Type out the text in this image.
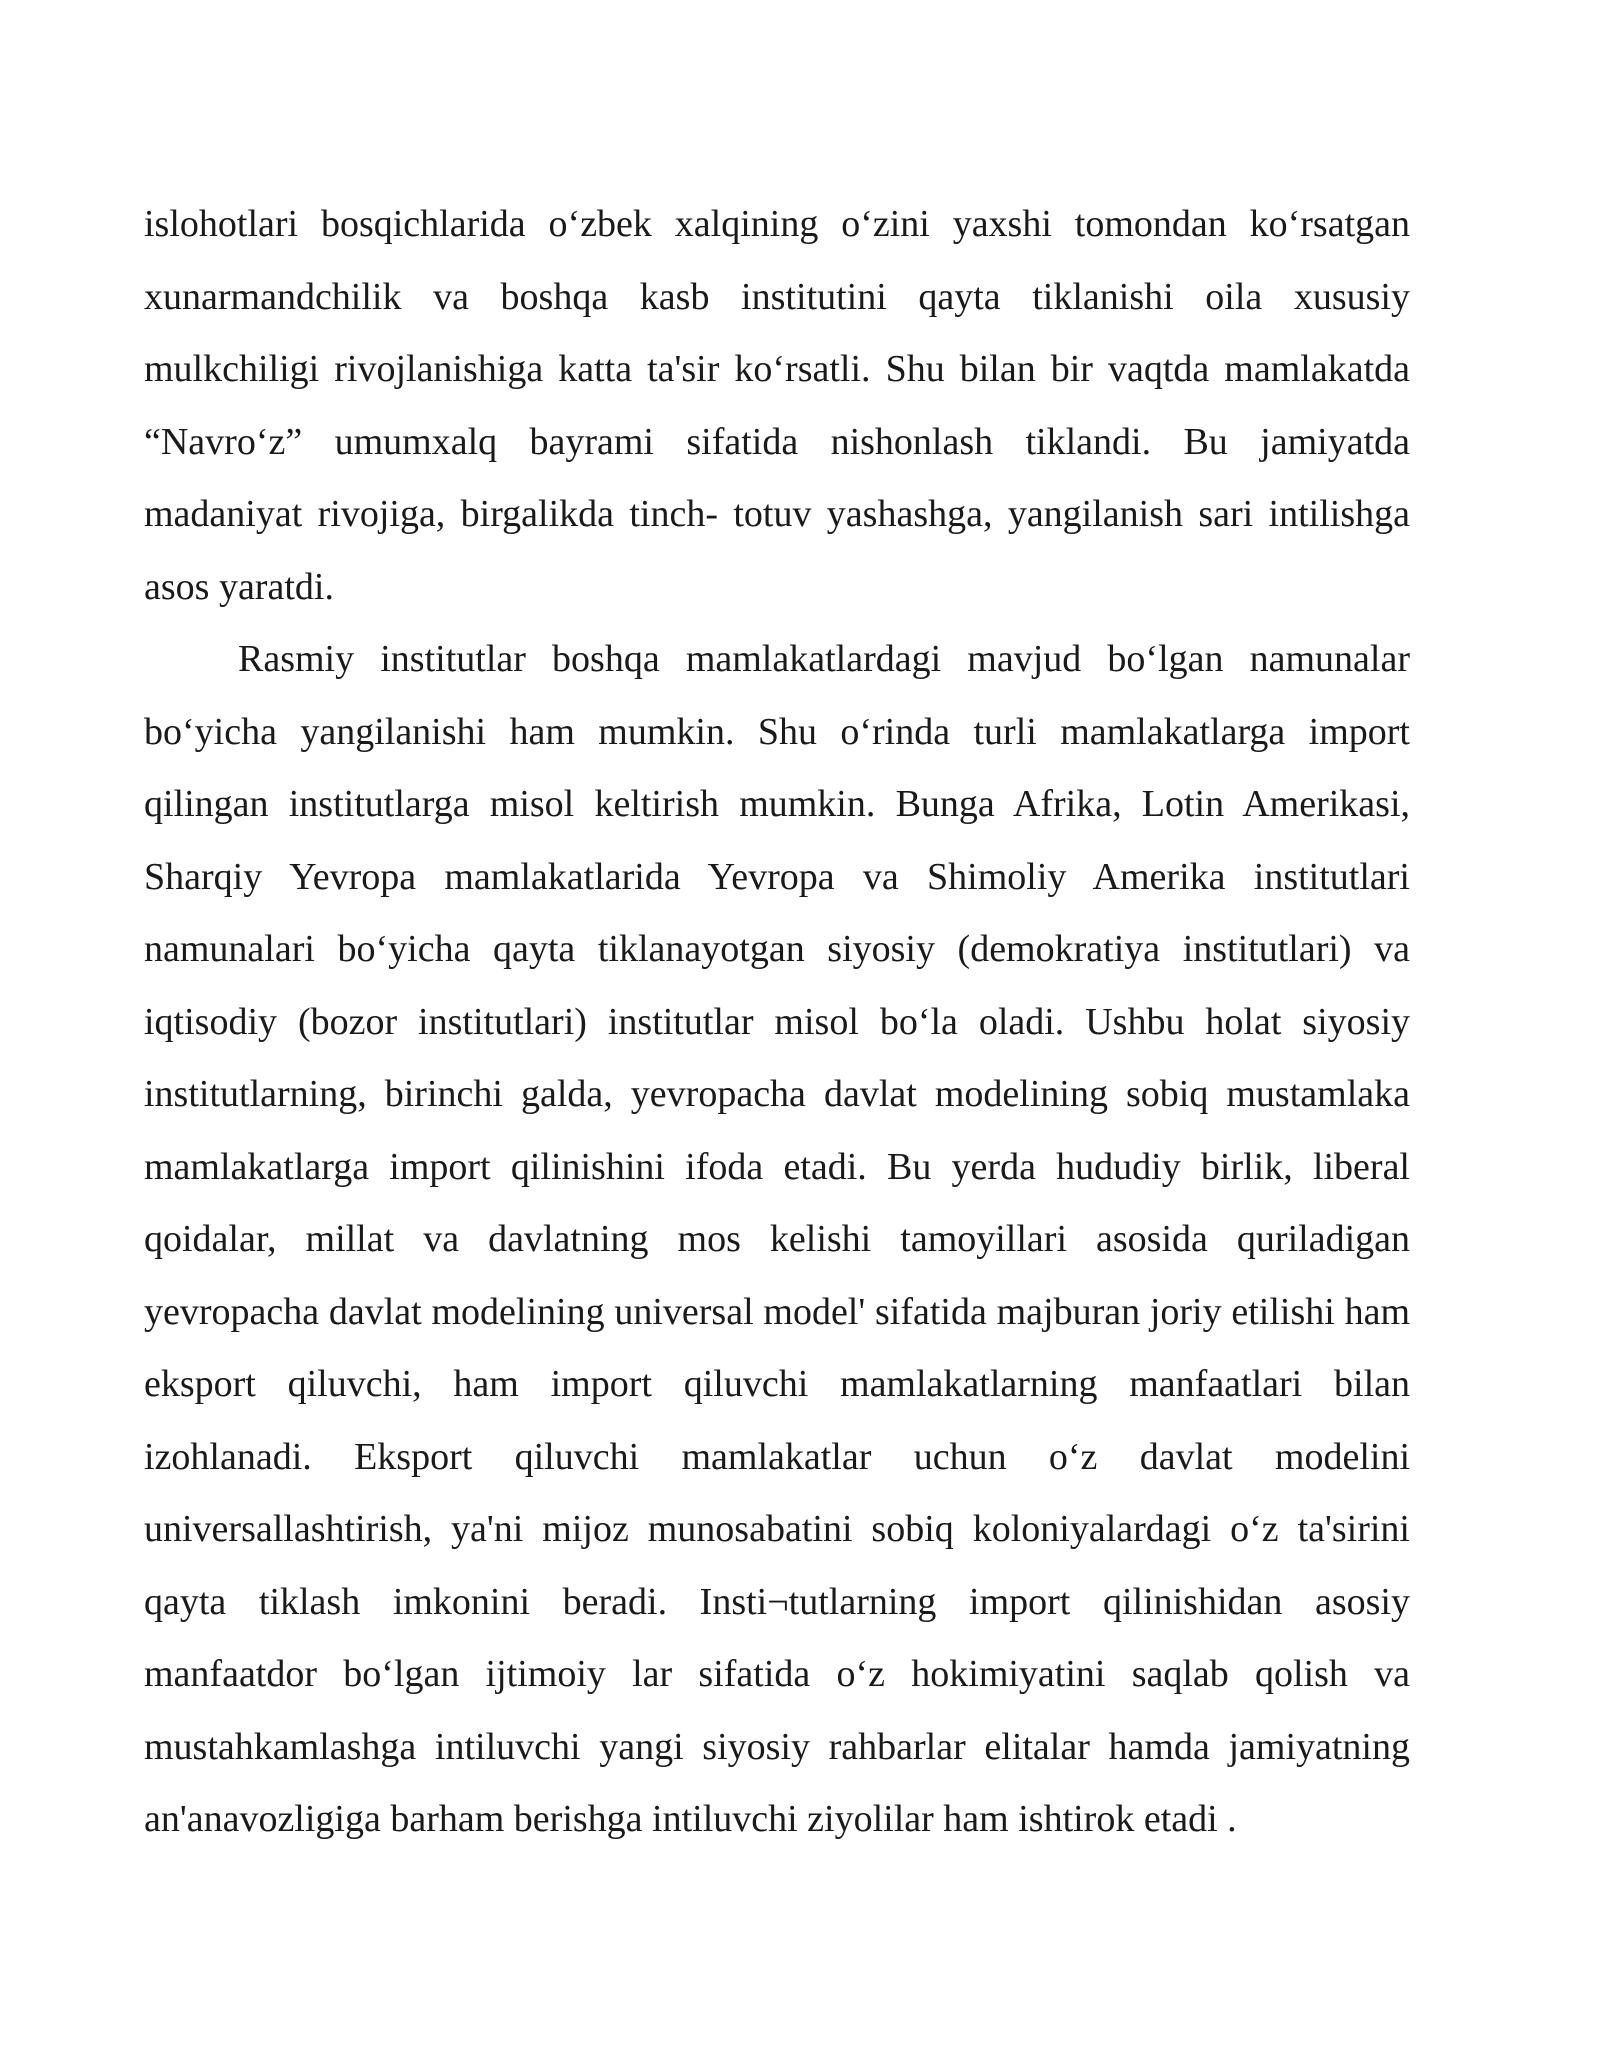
islohotlari bosqichlarida o‘zbek xalqining o‘zini yaxshi tomondan ko‘rsatgan xunarmandchilik va boshqa kasb institutini qayta tiklanishi oila xususiy mulkchiligi rivojlanishiga katta ta'sir ko‘rsatli. Shu bilan bir vaqtda mamlakatda “Navro‘z” umumxalq bayrami sifatida nishonlash tiklandi. Bu jamiyatda madaniyat rivojiga, birgalikda tinch- totuv yashashga, yangilanish sari intilishga asos yaratdi.

Rasmiy institutlar boshqa mamlakatlardagi mavjud bo‘lgan namunalar bo‘yicha yangilanishi ham mumkin. Shu o‘rinda turli mamlakatlarga import qilingan institutlarga misol keltirish mumkin. Bunga Afrika, Lotin Amerikasi, Sharqiy Yevropa mamlakatlarida Yevropa va Shimoliy Amerika institutlari namunalari bo‘yicha qayta tiklanayotgan siyosiy (demokratiya institutlari) va iqtisodiy (bozor institutlari) institutlar misol bo‘la oladi. Ushbu holat siyosiy institutlarning, birinchi galda, yevropacha davlat modelining sobiq mustamlaka mamlakatlarga import qilinishini ifoda etadi. Bu yerda hududiy birlik, liberal qoidalar, millat va davlatning mos kelishi tamoyillari asosida quriladigan yevropacha davlat modelining universal model' sifatida majburan joriy etilishi ham eksport qiluvchi, ham import qiluvchi mamlakatlarning manfaatlari bilan izohlanadi. Eksport qiluvchi mamlakatlar uchun o‘z davlat modelini universallashtirish, ya'ni mijoz munosabatini sobiq koloniyalardagi o‘z ta'sirini qayta tiklash imkonini beradi. Insti¬tutlarning import qilinishidan asosiy manfaatdor bo‘lgan ijtimoiy lar sifatida o‘z hokimiyatini saqlab qolish va mustahkamlashga intiluvchi yangi siyosiy rahbarlar elitalar hamda jamiyatning an'anavozligiga barham berishga intiluvchi ziyolilar ham ishtirok etadi .
